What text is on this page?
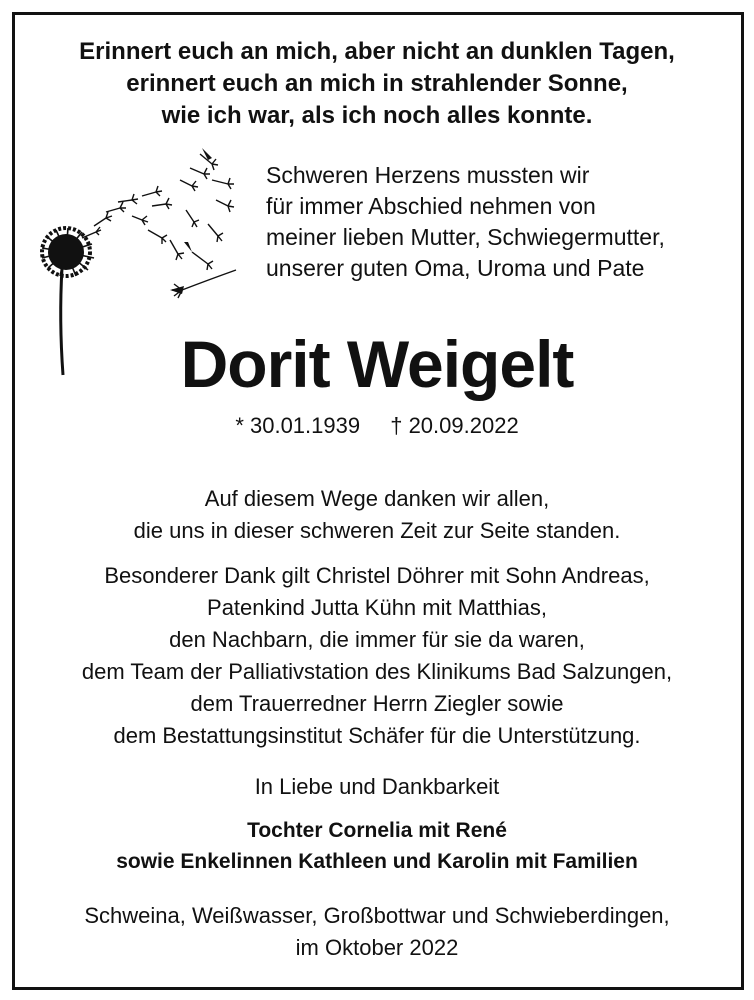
Erinnert euch an mich, aber nicht an dunklen Tagen,
erinnert euch an mich in strahlender Sonne,
wie ich war, als ich noch alles konnte.
Schweren Herzens mussten wir
für immer Abschied nehmen von
meiner lieben Mutter, Schwiegermutter,
unserer guten Oma, Uroma und Pate
Dorit Weigelt
* 30.01.1939 † 20.09.2022
Auf diesem Wege danken wir allen,
die uns in dieser schweren Zeit zur Seite standen.
Besonderer Dank gilt Christel Döhrer mit Sohn Andreas,
Patenkind Jutta Kühn mit Matthias,
den Nachbarn, die immer für sie da waren,
dem Team der Palliativstation des Klinikums Bad Salzungen,
dem Trauerredner Herrn Ziegler sowie
dem Bestattungsinstitut Schäfer für die Unterstützung.
In Liebe und Dankbarkeit
Tochter Cornelia mit René
sowie Enkelinnen Kathleen und Karolin mit Familien
Schweina, Weißwasser, Großbottwar und Schwieberdingen,
im Oktober 2022
